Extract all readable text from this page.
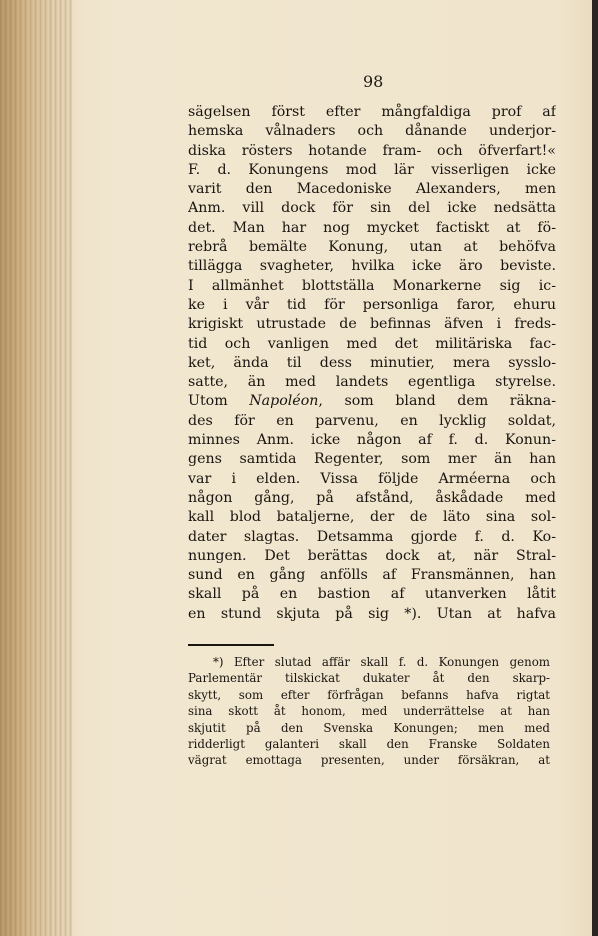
98
sägelsen först efter mångfaldiga prof af
hemska vålnaders och dånande underjor-
diska rösters hotande fram- och öfverfart!«
F. d. Konungens mod lär visserligen icke
varit den Macedoniske Alexanders, men
Anm. vill dock för sin del icke nedsätta
det. Man har nog mycket factiskt at fö-
rebrå bemälte Konung, utan at behöfva
tillägga svagheter, hvilka icke äro beviste.
I allmänhet blottställa Monarkerne sig ic-
ke i vår tid för personliga faror, ehuru
krigiskt utrustade de befinnas äfven i freds-
tid och vanligen med det militäriska fac-
ket, ända til dess minutier, mera sysslo-
satte, än med landets egentliga styrelse.
Utom Napoléon, som bland dem räkna-
des för en parvenu, en lycklig soldat,
minnes Anm. icke någon af f. d. Konun-
gens samtida Regenter, som mer än han
var i elden. Vissa följde Arméerna och
någon gång, på afstånd, åskådade med
kall blod bataljerne, der de läto sina sol-
dater slagtas. Detsamma gjorde f. d. Ko-
nungen. Det berättas dock at, när Stral-
sund en gång anfölls af Fransmännen, han
skall på en bastion af utanverken låtit
en stund skjuta på sig *). Utan at hafva
*) Efter slutad affär skall f. d. Konungen genom
Parlementär tilskickat dukater åt den skarp-
skytt, som efter förfrågan befanns hafva rigtat
sina skott åt honom, med underrättelse at han
skjutit på den Svenska Konungen; men med
ridderligt galanteri skall den Franske Soldaten
vägrat emottaga presenten, under försäkran, at
